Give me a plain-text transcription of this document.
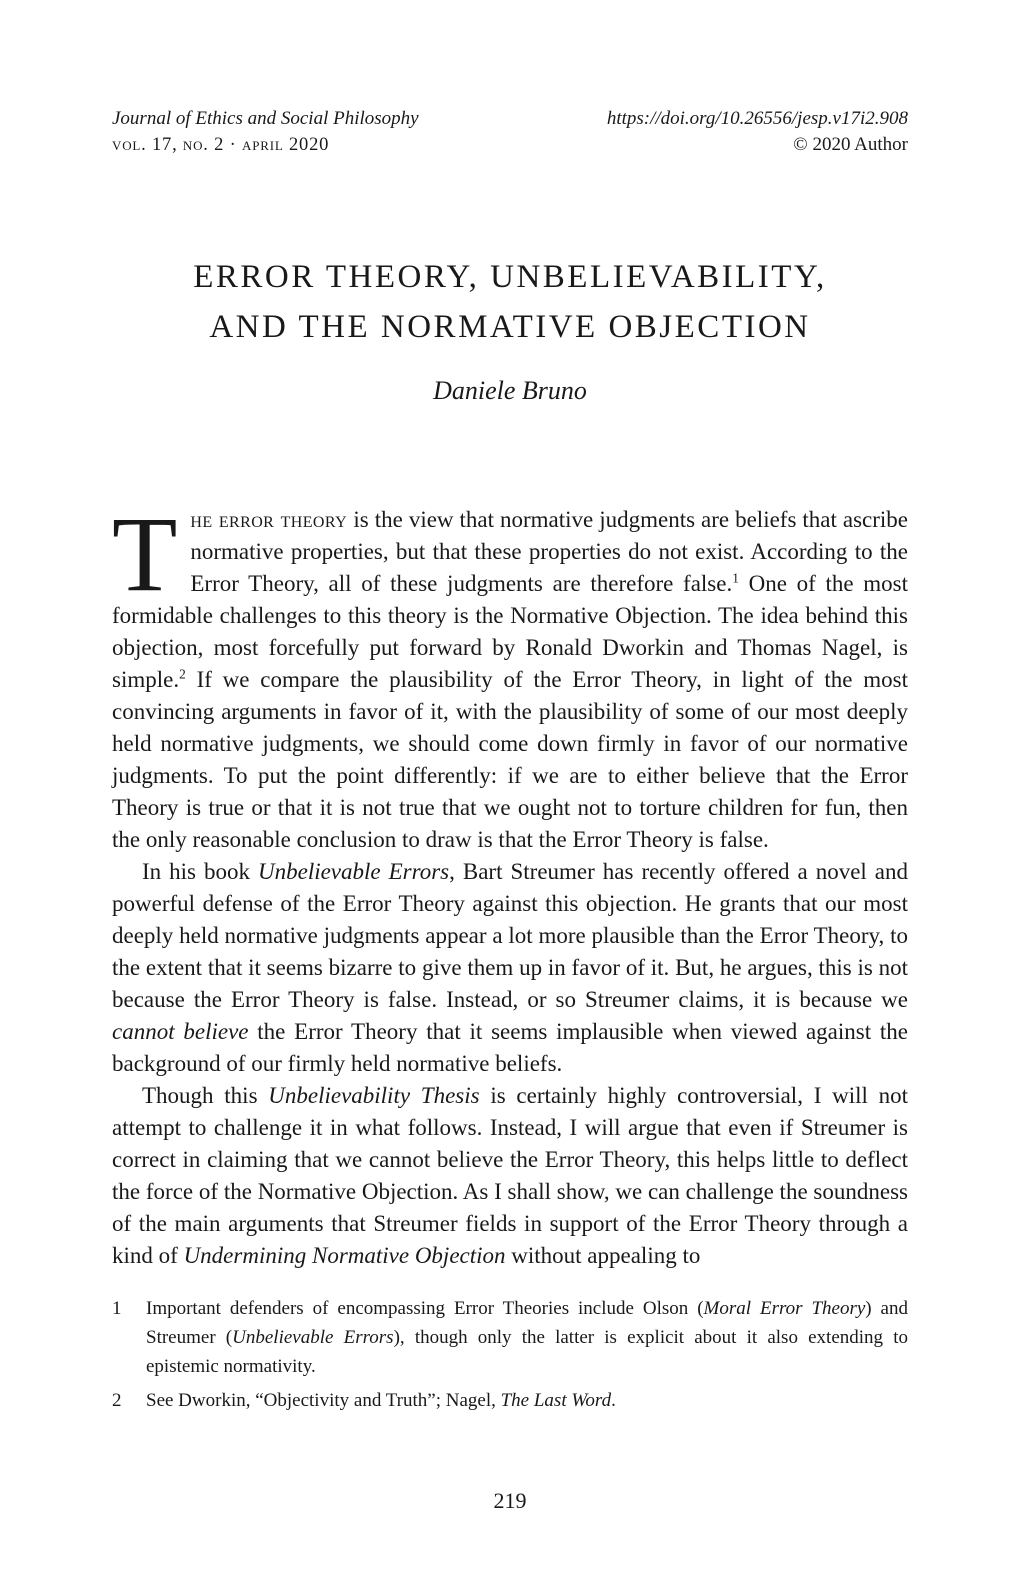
Journal of Ethics and Social Philosophy
vol. 17, no. 2 · april 2020
https://doi.org/10.26556/jesp.v17i2.908
© 2020 Author
ERROR THEORY, UNBELIEVABILITY,
AND THE NORMATIVE OBJECTION
Daniele Bruno

The error theory is the view that normative judgments are beliefs that ascribe normative properties, but that these properties do not exist. According to the Error Theory, all of these judgments are therefore false.$^1$ One of the most formidable challenges to this theory is the Normative Objection. The idea behind this objection, most forcefully put forward by Ronald Dworkin and Thomas Nagel, is simple.$^2$ If we compare the plausibility of the Error Theory, in light of the most convincing arguments in favor of it, with the plausibility of some of our most deeply held normative judgments, we should come down firmly in favor of our normative judgments. To put the point differently: if we are to either believe that the Error Theory is true or that it is not true that we ought not to torture children for fun, then the only reasonable conclusion to draw is that the Error Theory is false.

In his book Unbelievable Errors, Bart Streumer has recently offered a novel and powerful defense of the Error Theory against this objection. He grants that our most deeply held normative judgments appear a lot more plausible than the Error Theory, to the extent that it seems bizarre to give them up in favor of it. But, he argues, this is not because the Error Theory is false. Instead, or so Streumer claims, it is because we cannot believe the Error Theory that it seems implausible when viewed against the background of our firmly held normative beliefs.

Though this Unbelievability Thesis is certainly highly controversial, I will not attempt to challenge it in what follows. Instead, I will argue that even if Streumer is correct in claiming that we cannot believe the Error Theory, this helps little to deflect the force of the Normative Objection. As I shall show, we can challenge the soundness of the main arguments that Streumer fields in support of the Error Theory through a kind of Undermining Normative Objection without appealing to

1	Important defenders of encompassing Error Theories include Olson (Moral Error Theory) and Streumer (Unbelievable Errors), though only the latter is explicit about it also extending to epistemic normativity.
2	See Dworkin, “Objectivity and Truth”; Nagel, The Last Word.
219
